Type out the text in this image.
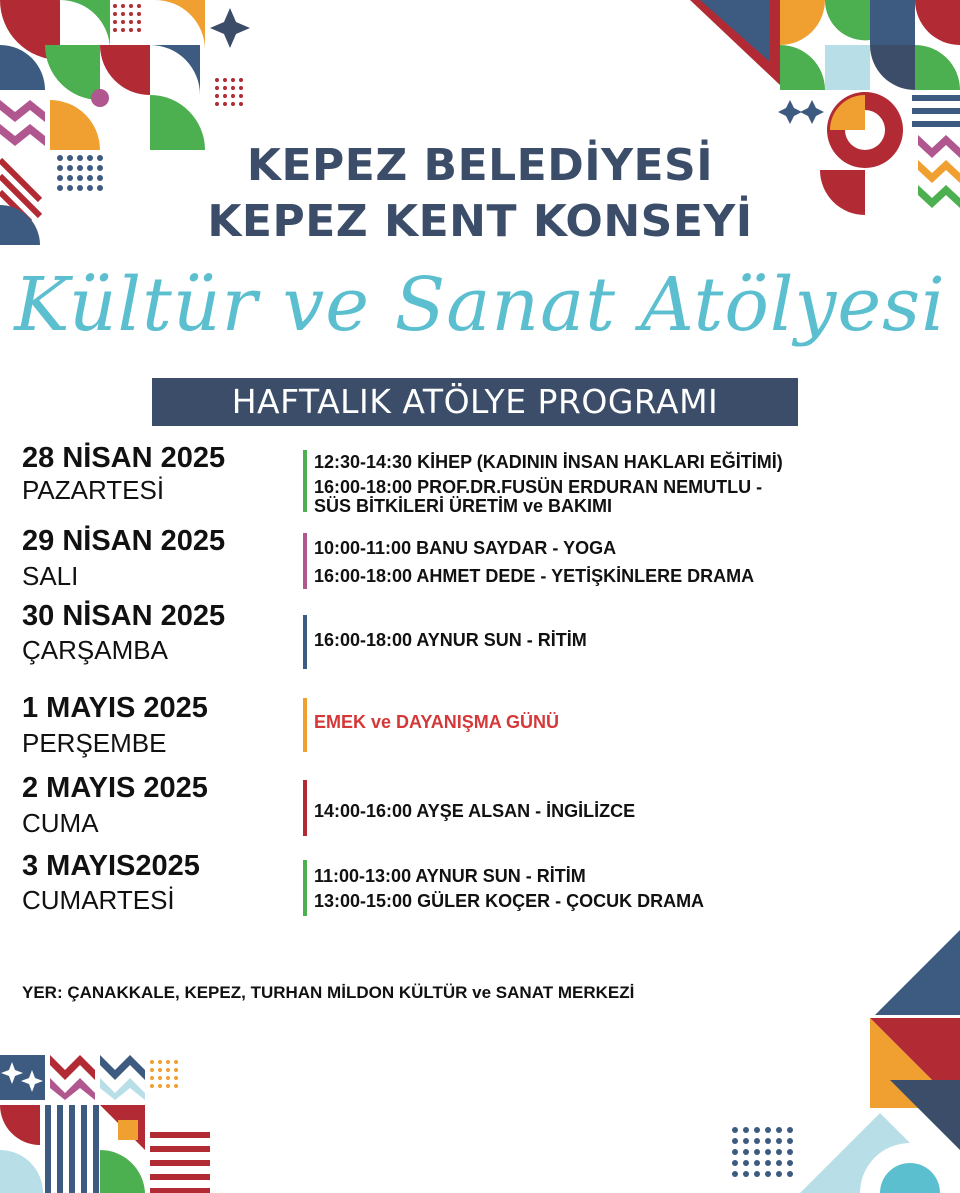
KEPEZ BELEDİYESİ
KEPEZ KENT KONSEYİ
Kültür ve Sanat Atölyesi
HAFTALIK ATÖLYE PROGRAMI
28 NİSAN 2025
PAZARTESİ
12:30-14:30 KİHEP (KADININ İNSAN HAKLARI EĞİTİMİ)
16:00-18:00 PROF.DR.FUSÜN ERDURAN NEMUTLU -
SÜS BİTKİLERİ ÜRETİM ve BAKIMI
29 NİSAN 2025
SALI
10:00-11:00 BANU SAYDAR - YOGA
16:00-18:00 AHMET DEDE - YETİŞKİNLERE DRAMA
30 NİSAN 2025
ÇARŞAMBA	16:00-18:00 AYNUR SUN - RİTİM
1 MAYIS 2025
PERŞEMBE
EMEK ve DAYANIŞMA GÜNÜ
2 MAYIS 2025
CUMA	14:00-16:00 AYŞE ALSAN - İNGİLİZCE
3 MAYIS2025
CUMARTESİ
11:00-13:00 AYNUR SUN - RİTİM
13:00-15:00 GÜLER KOÇER - ÇOCUK DRAMA
YER: ÇANAKKALE, KEPEZ, TURHAN MİLDON KÜLTÜR ve SANAT MERKEZİ
